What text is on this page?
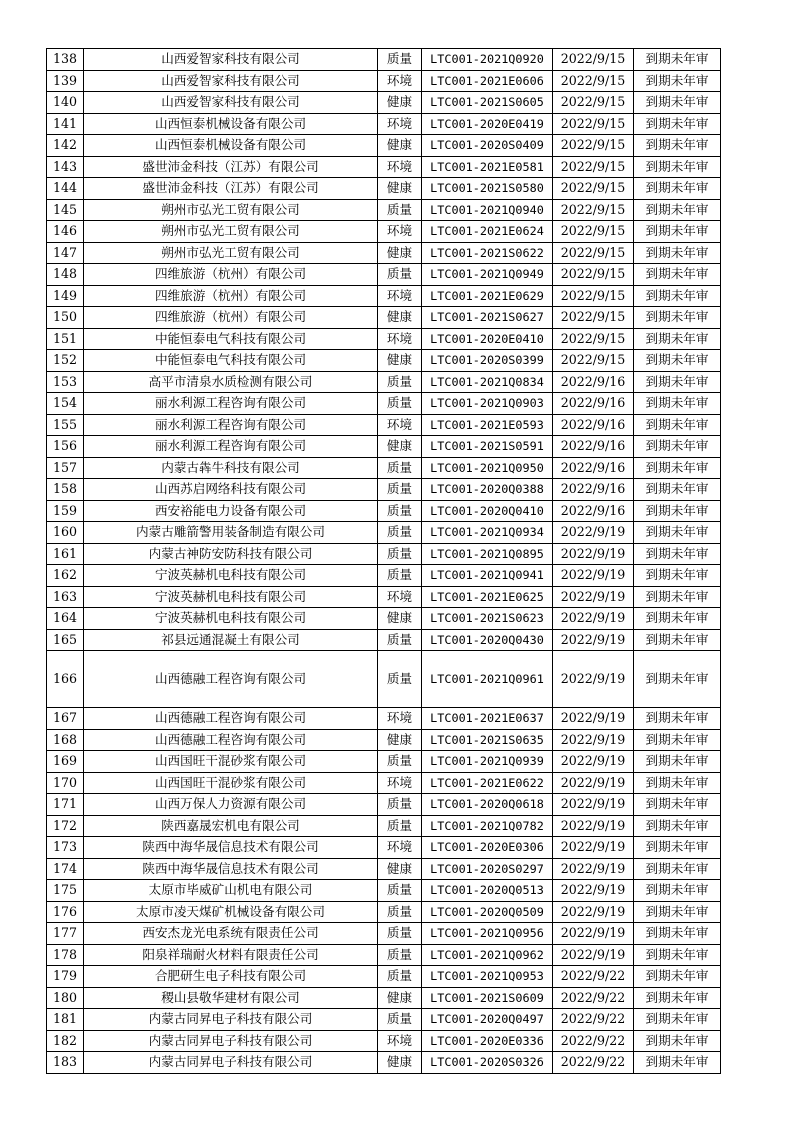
138	山西爱智家科技有限公司	质量	LTC001-2021Q0920	2022/9/15	到期未年审
139	山西爱智家科技有限公司	环境	LTC001-2021E0606	2022/9/15	到期未年审
140	山西爱智家科技有限公司	健康	LTC001-2021S0605	2022/9/15	到期未年审
141	山西恒泰机械设备有限公司	环境	LTC001-2020E0419	2022/9/15	到期未年审
142	山西恒泰机械设备有限公司	健康	LTC001-2020S0409	2022/9/15	到期未年审
143	盛世沛金科技（江苏）有限公司	环境	LTC001-2021E0581	2022/9/15	到期未年审
144	盛世沛金科技（江苏）有限公司	健康	LTC001-2021S0580	2022/9/15	到期未年审
145	朔州市弘光工贸有限公司	质量	LTC001-2021Q0940	2022/9/15	到期未年审
146	朔州市弘光工贸有限公司	环境	LTC001-2021E0624	2022/9/15	到期未年审
147	朔州市弘光工贸有限公司	健康	LTC001-2021S0622	2022/9/15	到期未年审
148	四维旅游（杭州）有限公司	质量	LTC001-2021Q0949	2022/9/15	到期未年审
149	四维旅游（杭州）有限公司	环境	LTC001-2021E0629	2022/9/15	到期未年审
150	四维旅游（杭州）有限公司	健康	LTC001-2021S0627	2022/9/15	到期未年审
151	中能恒泰电气科技有限公司	环境	LTC001-2020E0410	2022/9/15	到期未年审
152	中能恒泰电气科技有限公司	健康	LTC001-2020S0399	2022/9/15	到期未年审
153	高平市清泉水质检测有限公司	质量	LTC001-2021Q0834	2022/9/16	到期未年审
154	丽水利源工程咨询有限公司	质量	LTC001-2021Q0903	2022/9/16	到期未年审
155	丽水利源工程咨询有限公司	环境	LTC001-2021E0593	2022/9/16	到期未年审
156	丽水利源工程咨询有限公司	健康	LTC001-2021S0591	2022/9/16	到期未年审
157	内蒙古犇牛科技有限公司	质量	LTC001-2021Q0950	2022/9/16	到期未年审
158	山西苏启网络科技有限公司	质量	LTC001-2020Q0388	2022/9/16	到期未年审
159	西安裕能电力设备有限公司	质量	LTC001-2020Q0410	2022/9/16	到期未年审
160	内蒙古雕箭警用装备制造有限公司	质量	LTC001-2021Q0934	2022/9/19	到期未年审
161	内蒙古神防安防科技有限公司	质量	LTC001-2021Q0895	2022/9/19	到期未年审
162	宁波英赫机电科技有限公司	质量	LTC001-2021Q0941	2022/9/19	到期未年审
163	宁波英赫机电科技有限公司	环境	LTC001-2021E0625	2022/9/19	到期未年审
164	宁波英赫机电科技有限公司	健康	LTC001-2021S0623	2022/9/19	到期未年审
165	祁县远通混凝土有限公司	质量	LTC001-2020Q0430	2022/9/19	到期未年审
166	山西德融工程咨询有限公司	质量	LTC001-2021Q0961	2022/9/19	到期未年审
167	山西德融工程咨询有限公司	环境	LTC001-2021E0637	2022/9/19	到期未年审
168	山西德融工程咨询有限公司	健康	LTC001-2021S0635	2022/9/19	到期未年审
169	山西国旺干混砂浆有限公司	质量	LTC001-2021Q0939	2022/9/19	到期未年审
170	山西国旺干混砂浆有限公司	环境	LTC001-2021E0622	2022/9/19	到期未年审
171	山西万保人力资源有限公司	质量	LTC001-2020Q0618	2022/9/19	到期未年审
172	陕西嘉晟宏机电有限公司	质量	LTC001-2021Q0782	2022/9/19	到期未年审
173	陕西中海华晟信息技术有限公司	环境	LTC001-2020E0306	2022/9/19	到期未年审
174	陕西中海华晟信息技术有限公司	健康	LTC001-2020S0297	2022/9/19	到期未年审
175	太原市毕威矿山机电有限公司	质量	LTC001-2020Q0513	2022/9/19	到期未年审
176	太原市凌天煤矿机械设备有限公司	质量	LTC001-2020Q0509	2022/9/19	到期未年审
177	西安杰龙光电系统有限责任公司	质量	LTC001-2021Q0956	2022/9/19	到期未年审
178	阳泉祥瑞耐火材料有限责任公司	质量	LTC001-2021Q0962	2022/9/19	到期未年审
179	合肥研生电子科技有限公司	质量	LTC001-2021Q0953	2022/9/22	到期未年审
180	稷山县敬华建材有限公司	健康	LTC001-2021S0609	2022/9/22	到期未年审
181	内蒙古同昇电子科技有限公司	质量	LTC001-2020Q0497	2022/9/22	到期未年审
182	内蒙古同昇电子科技有限公司	环境	LTC001-2020E0336	2022/9/22	到期未年审
183	内蒙古同昇电子科技有限公司	健康	LTC001-2020S0326	2022/9/22	到期未年审
